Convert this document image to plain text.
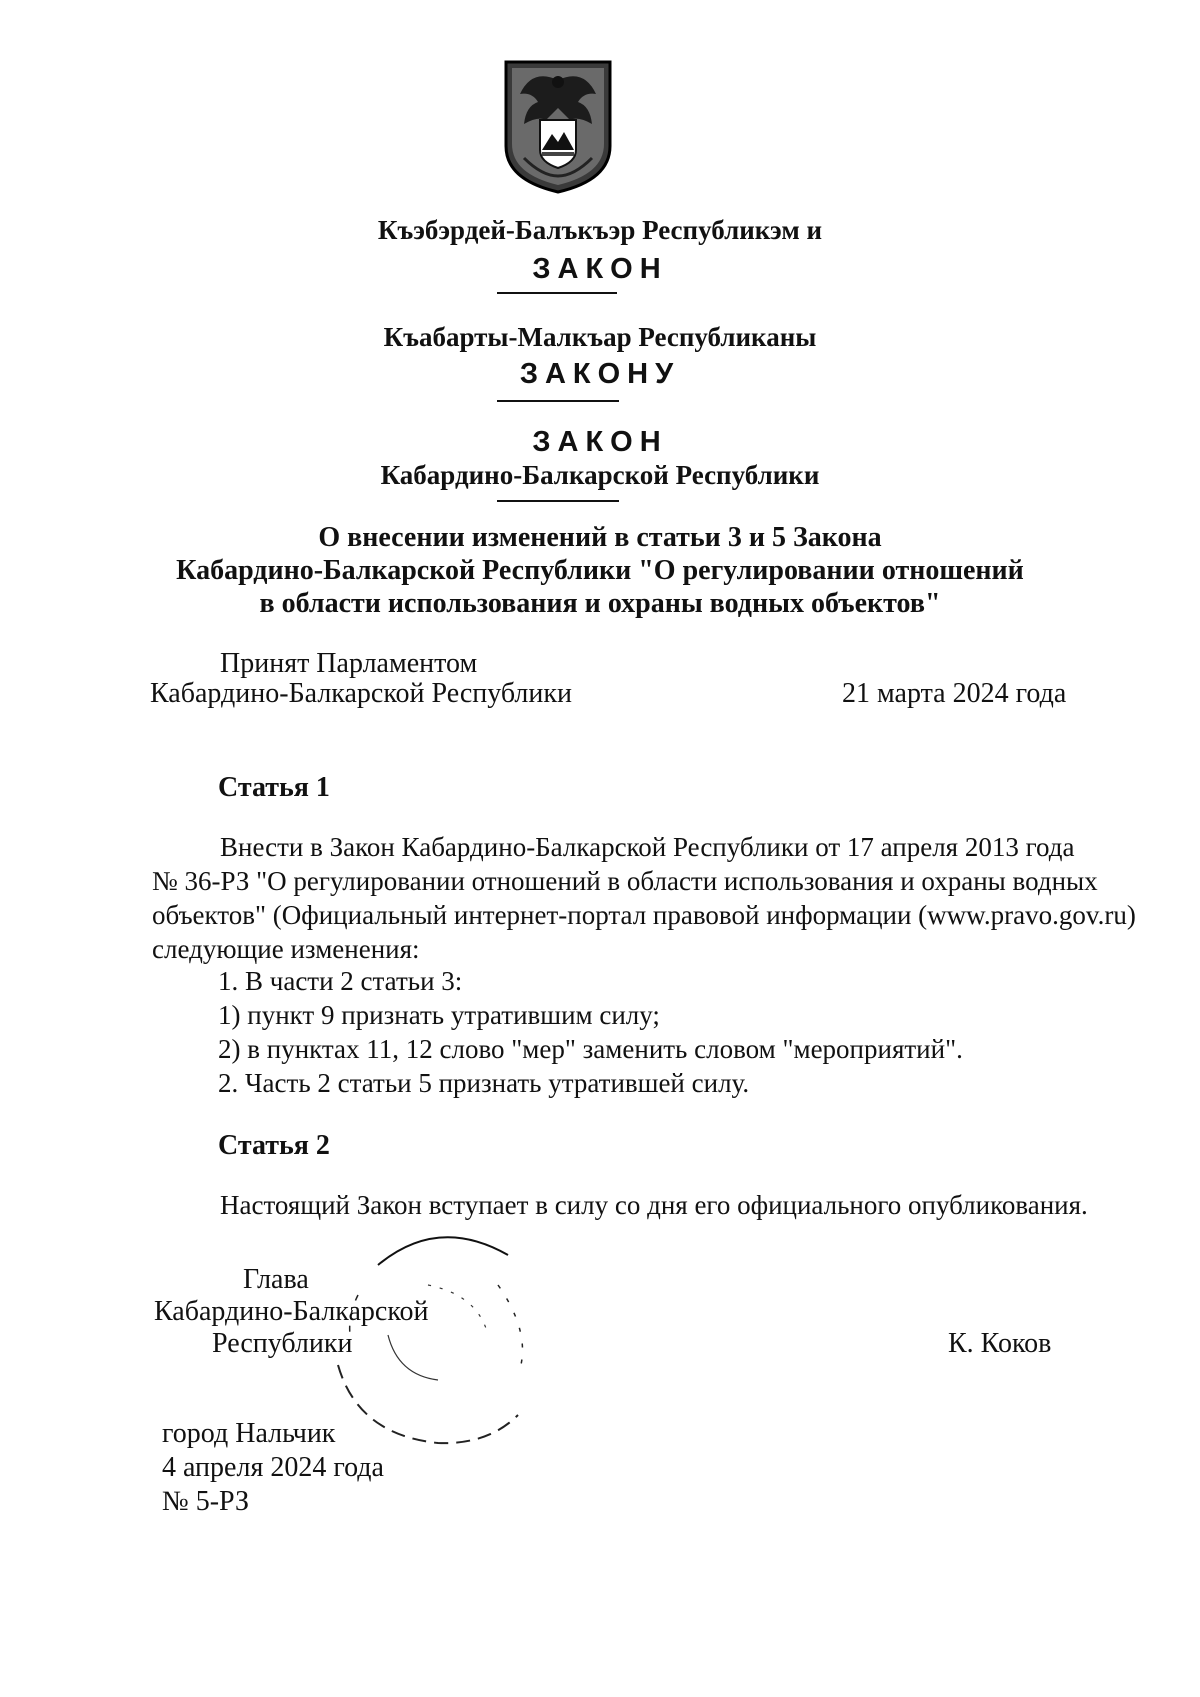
Къэбэрдей-Балъкъэр Республикэм и
ЗАКОН
Къабарты-Малкъар Республиканы
ЗАКОНУ
ЗАКОН
Кабардино-Балкарской Республики
О внесении изменений в статьи 3 и 5 Закона
Кабардино-Балкарской Республики "О регулировании отношений
в области использования и охраны водных объектов"
Принят Парламентом
Кабардино-Балкарской Республики	21 марта 2024 года
Статья 1
Внести в Закон Кабардино-Балкарской Республики от 17 апреля 2013 года
№ 36-РЗ "О регулировании отношений в области использования и охраны водных
объектов" (Официальный интернет-портал правовой информации (www.pravo.gov.ru)
следующие изменения:
1. В части 2 статьи 3:
1) пункт 9 признать утратившим силу;
2) в пунктах 11, 12 слово "мер" заменить словом "мероприятий".
2. Часть 2 статьи 5 признать утратившей силу.
Статья 2
Настоящий Закон вступает в силу со дня его официального опубликования.
Глава
Кабардино-Балкарской
Республики	К. Коков
город Нальчик
4 апреля 2024 года
№ 5-РЗ
